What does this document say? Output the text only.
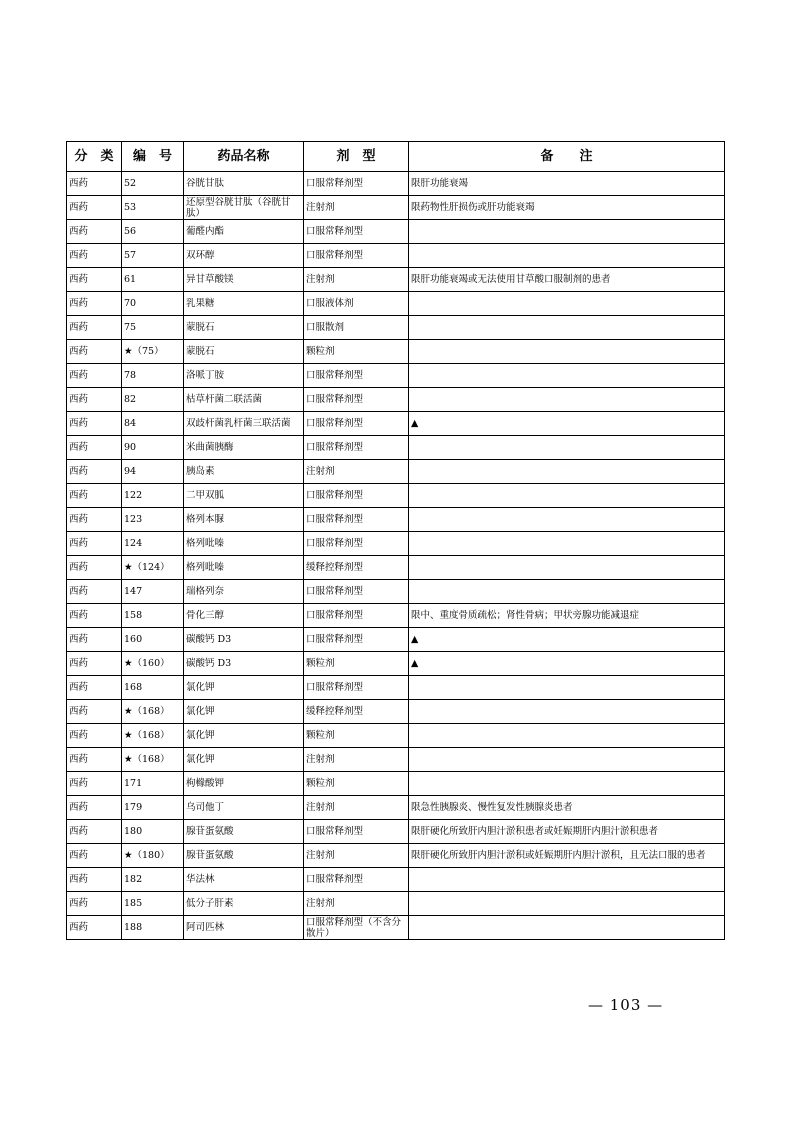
分　类	编　号	药品名称	剂　型	备　　注
西药	52	谷胱甘肽	口服常释剂型	限肝功能衰竭
西药	53	还原型谷胱甘肽（谷胱甘肽）	注射剂	限药物性肝损伤或肝功能衰竭
西药	56	葡醛内酯	口服常释剂型	
西药	57	双环醇	口服常释剂型	
西药	61	异甘草酸镁	注射剂	限肝功能衰竭或无法使用甘草酸口服制剂的患者
西药	70	乳果糖	口服液体剂	
西药	75	蒙脱石	口服散剂	
西药	★（75）	蒙脱石	颗粒剂	
西药	78	洛哌丁胺	口服常释剂型	
西药	82	枯草杆菌二联活菌	口服常释剂型	
西药	84	双歧杆菌乳杆菌三联活菌	口服常释剂型	▲
西药	90	米曲菌胰酶	口服常释剂型	
西药	94	胰岛素	注射剂	
西药	122	二甲双胍	口服常释剂型	
西药	123	格列本脲	口服常释剂型	
西药	124	格列吡嗪	口服常释剂型	
西药	★（124）	格列吡嗪	缓释控释剂型	
西药	147	瑞格列奈	口服常释剂型	
西药	158	骨化三醇	口服常释剂型	限中、重度骨质疏松；肾性骨病；甲状旁腺功能减退症
西药	160	碳酸钙 D3	口服常释剂型	▲
西药	★（160）	碳酸钙 D3	颗粒剂	▲
西药	168	氯化钾	口服常释剂型	
西药	★（168）	氯化钾	缓释控释剂型	
西药	★（168）	氯化钾	颗粒剂	
西药	★（168）	氯化钾	注射剂	
西药	171	枸橼酸钾	颗粒剂	
西药	179	乌司他丁	注射剂	限急性胰腺炎、慢性复发性胰腺炎患者
西药	180	腺苷蛋氨酸	口服常释剂型	限肝硬化所致肝内胆汁淤积患者或妊娠期肝内胆汁淤积患者
西药	★（180）	腺苷蛋氨酸	注射剂	限肝硬化所致肝内胆汁淤积或妊娠期肝内胆汁淤积，且无法口服的患者
西药	182	华法林	口服常释剂型	
西药	185	低分子肝素	注射剂	
西药	188	阿司匹林	口服常释剂型（不含分散片）	
— 103 —
